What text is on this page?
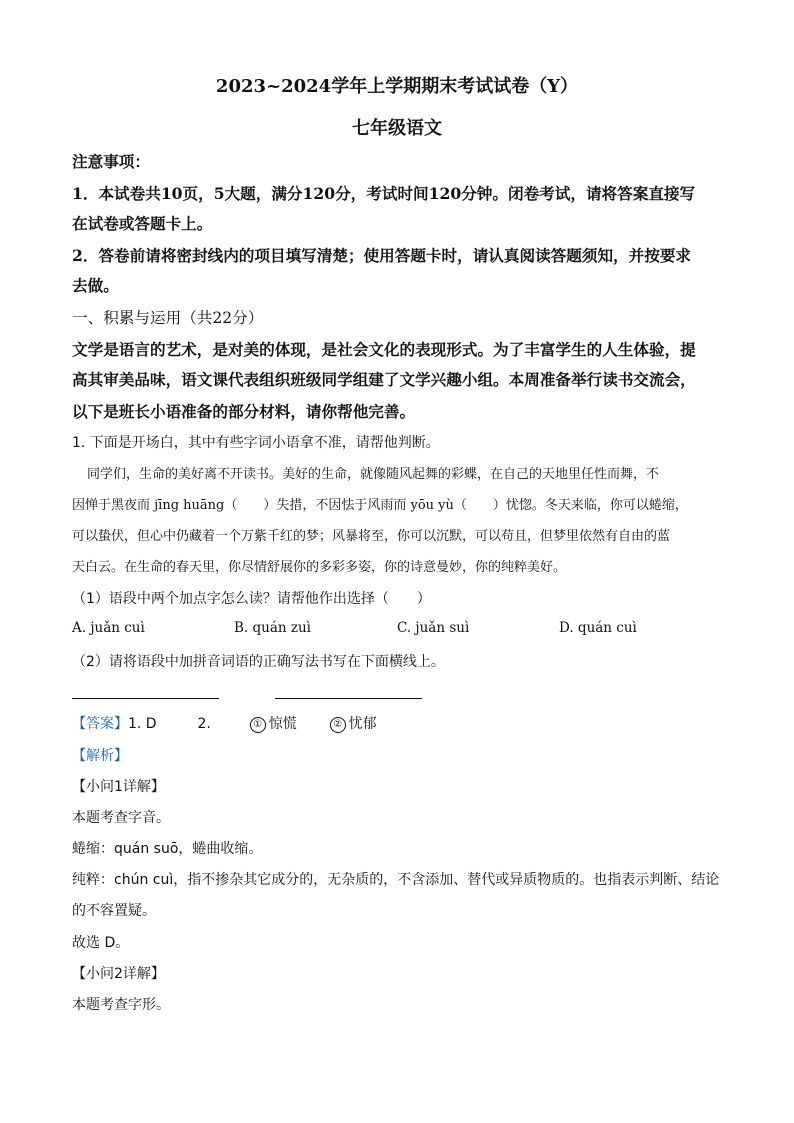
2023~2024学年上学期期末考试试卷（Y）
七年级语文
注意事项：
1．本试卷共10页，5大题，满分120分，考试时间120分钟。闭卷考试，请将答案直接写
在试卷或答题卡上。
2．答卷前请将密封线内的项目填写清楚；使用答题卡时，请认真阅读答题须知，并按要求
去做。
一、积累与运用（共22分）
文学是语言的艺术，是对美的体现，是社会文化的表现形式。为了丰富学生的人生体验，提
高其审美品味，语文课代表组织班级同学组建了文学兴趣小组。本周准备举行读书交流会，
以下是班长小语准备的部分材料，请你帮他完善。
1. 下面是开场白，其中有些字词小语拿不准，请帮他判断。
同学们，生命的美好离不开读书。美好的生命，就像随风起舞的彩蝶，在自己的天地里任性而舞，不
因惮于黑夜而 jīng huāng（　　）失措，不因怯于风雨而 yōu yù（　　）忧惚。冬天来临，你可以蜷缩，
可以蛰伏，但心中仍藏着一个万紫千红的梦；风暴将至，你可以沉默，可以苟且，但梦里依然有自由的蓝
天白云。在生命的春天里，你尽情舒展你的多彩多姿，你的诗意曼妙，你的纯粹美好。
（1）语段中两个加点字怎么读？请帮他作出选择（　　）
A. juǎn cuì	B. quán zuì	C. juǎn suì	D. quán cuì
（2）请将语段中加拼音词语的正确写法书写在下面横线上。
【答案】1. D	2.	① 惊慌	② 忧郁
【解析】
【小问1详解】
本题考查字音。
蜷缩：quán suō，蜷曲收缩。
纯粹：chún cuì，指不掺杂其它成分的，无杂质的，不含添加、替代或异质物质的。也指表示判断、结论
的不容置疑。
故选 D。
【小问2详解】
本题考查字形。
